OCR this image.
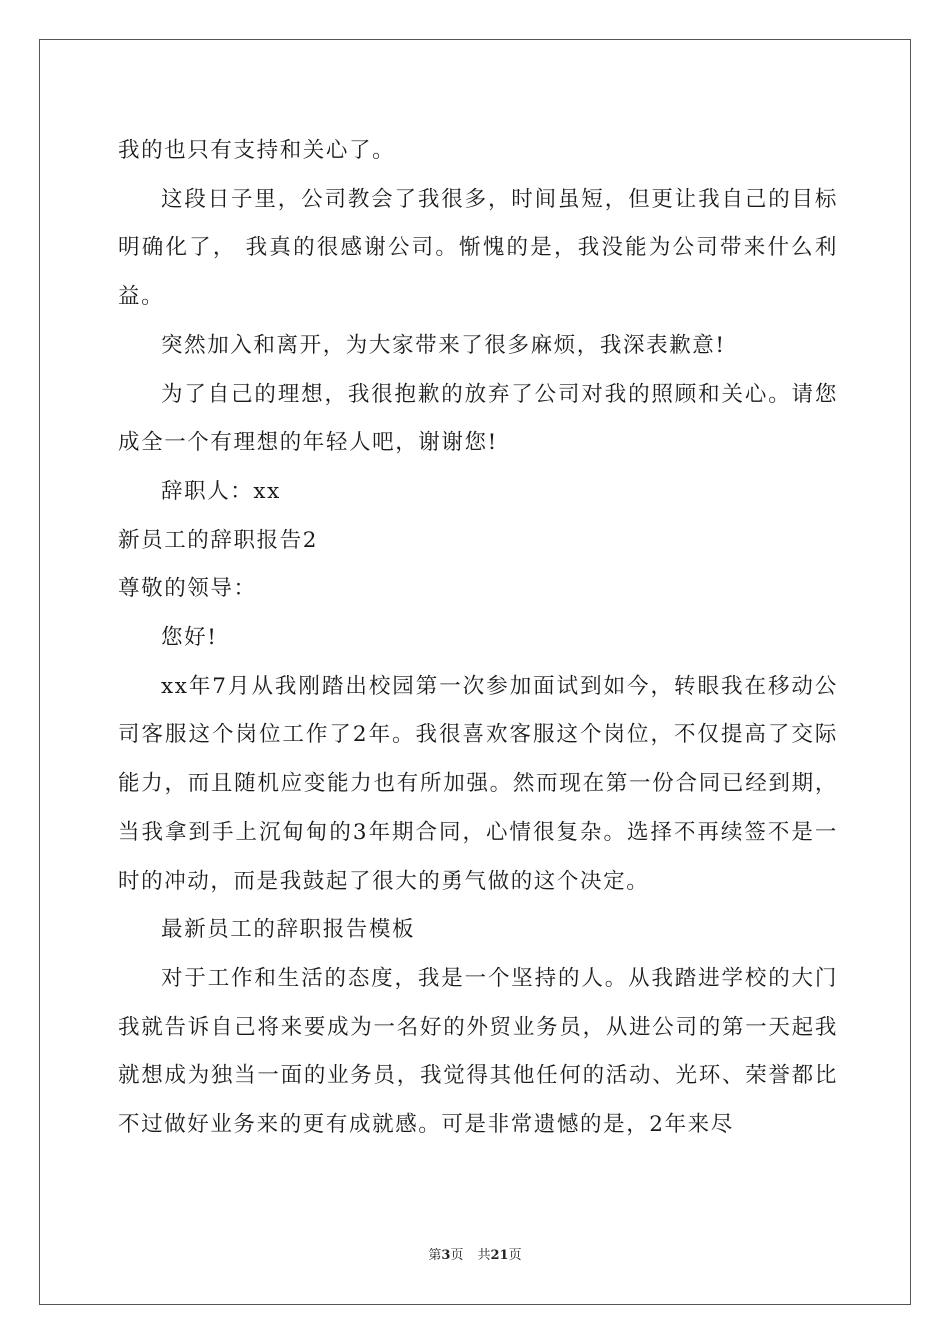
我的也只有支持和关心了。

这段日子里，公司教会了我很多，时间虽短，但更让我自己的目标明确化了， 我真的很感谢公司。惭愧的是，我没能为公司带来什么利益。

突然加入和离开，为大家带来了很多麻烦，我深表歉意!

为了自己的理想，我很抱歉的放弃了公司对我的照顾和关心。请您成全一个有理想的年轻人吧，谢谢您!

辞职人：xx

新员工的辞职报告2

尊敬的领导：

您好!

xx年7月从我刚踏出校园第一次参加面试到如今，转眼我在移动公司客服这个岗位工作了2年。我很喜欢客服这个岗位，不仅提高了交际能力，而且随机应变能力也有所加强。然而现在第一份合同已经到期，当我拿到手上沉甸甸的3年期合同，心情很复杂。选择不再续签不是一时的冲动，而是我鼓起了很大的勇气做的这个决定。

最新员工的辞职报告模板

对于工作和生活的态度，我是一个坚持的人。从我踏进学校的大门我就告诉自己将来要成为一名好的外贸业务员，从进公司的第一天起我就想成为独当一面的业务员，我觉得其他任何的活动、光环、荣誉都比不过做好业务来的更有成就感。可是非常遗憾的是，2年来尽

第3页 共21页
